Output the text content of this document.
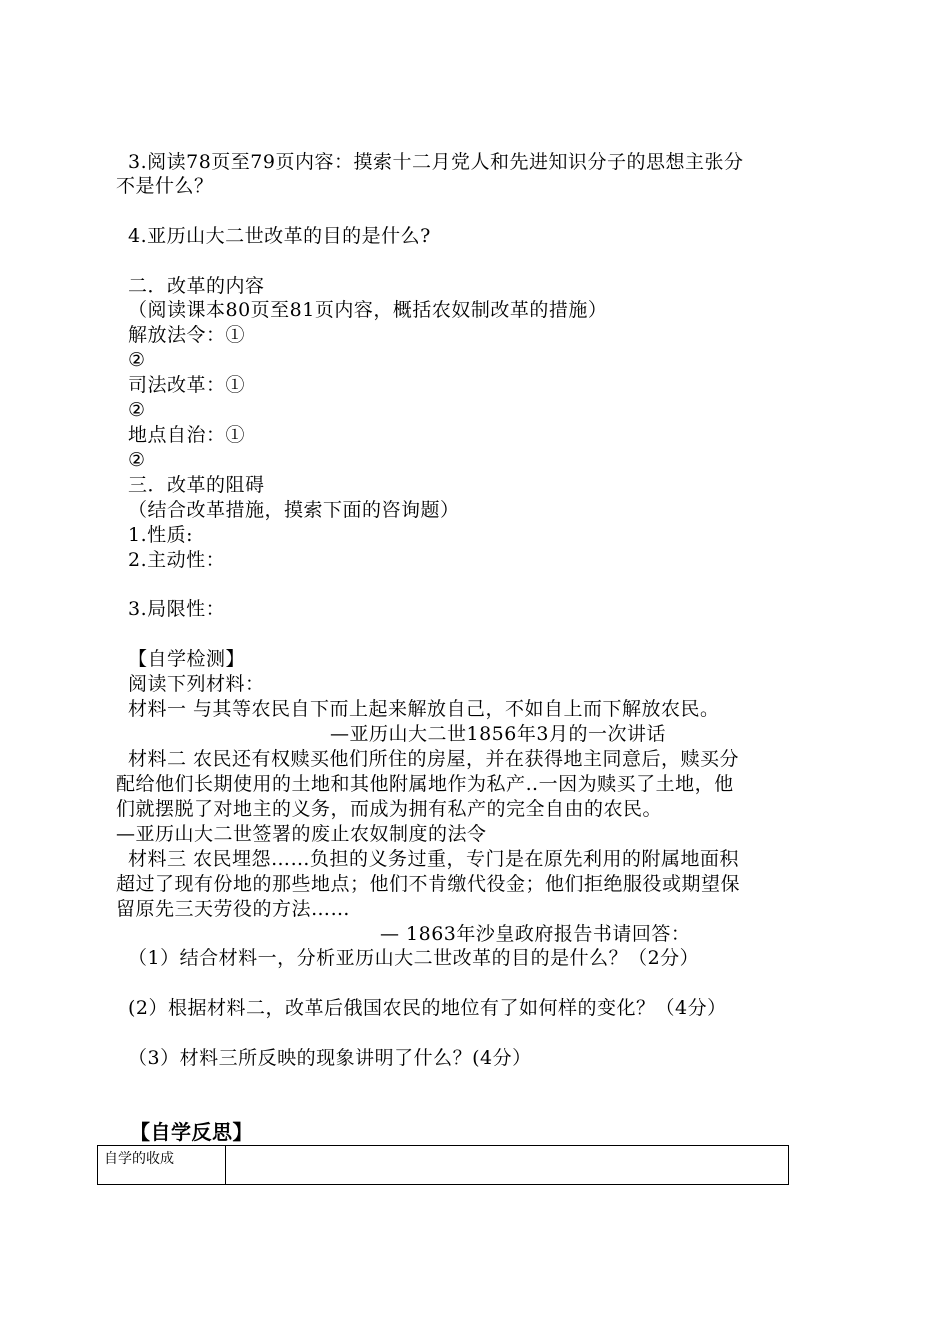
3.阅读78页至79页内容：摸索十二月党人和先进知识分子的思想主张分
不是什么？
4.亚历山大二世改革的目的是什么?
二．改革的内容
（阅读课本80页至81页内容，概括农奴制改革的措施）
解放法令：①
②
司法改革：①
②
地点自治：①
②
三．改革的阻碍
（结合改革措施，摸索下面的咨询题）
1.性质:
2.主动性：
3.局限性：
【自学检测】
阅读下列材料：
材料一 与其等农民自下而上起来解放自己，不如自上而下解放农民。
—亚历山大二世1856年3月的一次讲话
材料二 农民还有权赎买他们所住的房屋，并在获得地主同意后，赎买分
配给他们长期使用的土地和其他附属地作为私产‥一因为赎买了土地，他
们就摆脱了对地主的义务，而成为拥有私产的完全自由的农民。
—亚历山大二世签署的废止农奴制度的法令
材料三 农民埋怨……负担的义务过重，专门是在原先利用的附属地面积
超过了现有份地的那些地点；他们不肯缴代役金；他们拒绝服役或期望保
留原先三天劳役的方法……
— 1863年沙皇政府报告书请回答：
（1）结合材料一，分析亚历山大二世改革的目的是什么？（2分）
(2）根据材料二，改革后俄国农民的地位有了如何样的变化？（4分）
（3）材料三所反映的现象讲明了什么？(4分）
【自学反思】
自学的收成	
